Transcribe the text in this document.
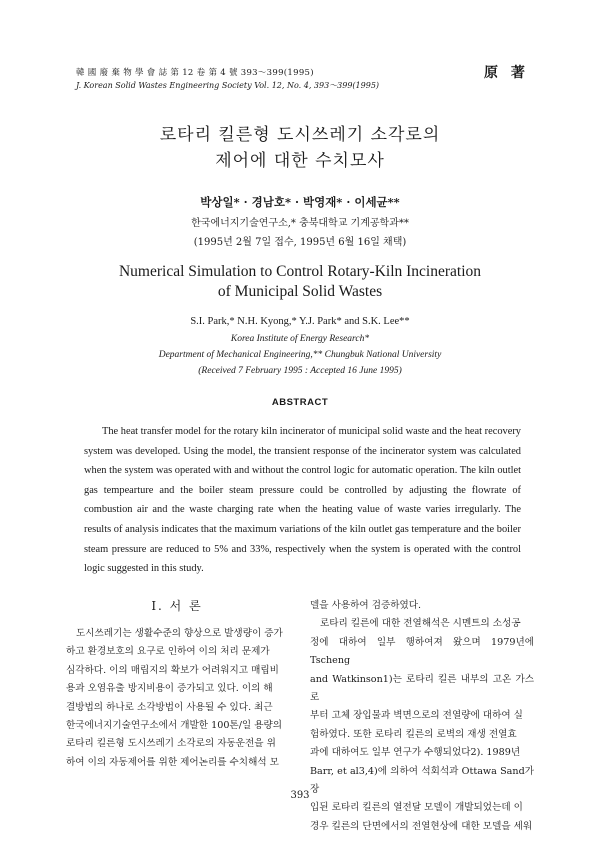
韓 國 廢 棄 物 學 會 誌 第 12 卷 第 4 號 393～399(1995)
J. Korean Solid Wastes Engineering Society Vol. 12, No. 4, 393～399(1995)
原 著
로타리 킬른형 도시쓰레기 소각로의
제어에 대한 수치모사
박상일* · 경남호* · 박영재* · 이세균**
한국에너지기술연구소,* 충북대학교 기계공학과**
(1995년 2월 7일 접수, 1995년 6월 16일 채택)
Numerical Simulation to Control Rotary-Kiln Incineration
of Municipal Solid Wastes
S.I. Park,* N.H. Kyong,* Y.J. Park* and S.K. Lee**
Korea Institute of Energy Research*
Department of Mechanical Engineering,** Chungbuk National University
(Received 7 February 1995 : Accepted 16 June 1995)
ABSTRACT

The heat transfer model for the rotary kiln incinerator of municipal solid waste and the heat recovery system was developed. Using the model, the transient response of the incinerator system was calculated when the system was operated with and without the control logic for automatic operation. The kiln outlet gas tempearture and the boiler steam pressure could be controlled by adjusting the flowrate of combustion air and the waste charging rate when the heating value of waste varies irregularly. The results of analysis indicates that the maximum variations of the kiln outlet gas temperature and the boiler steam pressure are reduced to 5% and 33%, respectively when the system is operated with the control logic suggested in this study.

I. 서 론

도시쓰레기는 생활수준의 향상으로 발생량이 증가

하고 환경보호의 요구로 인하여 이의 처리 문제가

심각하다. 이의 매립지의 확보가 어려워지고 매립비

용과 오염유출 방지비용이 증가되고 있다. 이의 해

결방법의 하나로 소각방법이 사용될 수 있다. 최근

한국에너지기술연구소에서 개발한 100톤/일 용량의

로타리 킬른형 도시쓰레기 소각로의 자동운전을 위

하여 이의 자동제어를 위한 제어논리를 수치해석 모

델을 사용하여 검증하였다.

로타리 킬른에 대한 전열해석은 시멘트의 소성공

정에 대하여 일부 행하여져 왔으며 1979년에 Tscheng

and Watkinson1)는 로타리 킬른 내부의 고온 가스로

부터 고체 장입물과 벽면으로의 전열량에 대하여 실

험하였다. 또한 로타리 킬른의 로벽의 재생 전열효

과에 대하여도 일부 연구가 수행되었다2). 1989년

Barr, et al3,4)에 의하여 석회석과 Ottawa Sand가 장

입된 로타리 킬른의 열전달 모델이 개발되었는데 이

경우 킬른의 단면에서의 전열현상에 대한 모델을 세워

393
